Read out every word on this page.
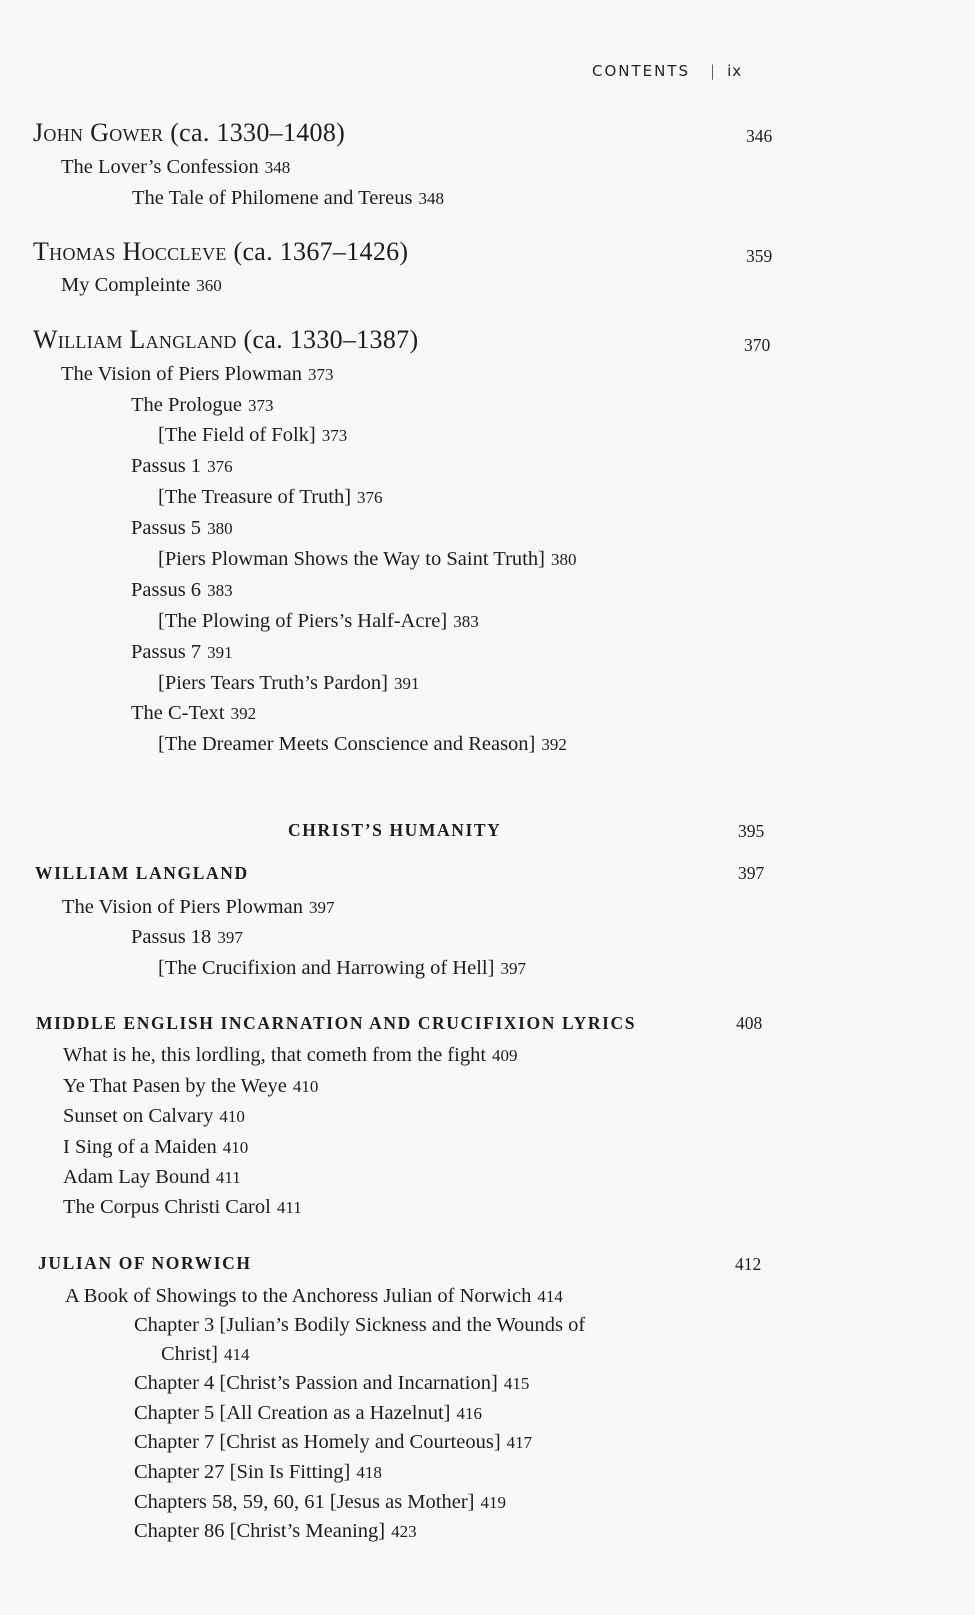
CONTENTS | ix
John Gower (ca. 1330–1408)	346
The Lover’s Confession 348
The Tale of Philomene and Tereus 348
Thomas Hoccleve (ca. 1367–1426)	359
My Compleinte 360
William Langland (ca. 1330–1387)	370
The Vision of Piers Plowman 373
The Prologue 373
[The Field of Folk] 373
Passus 1 376
[The Treasure of Truth] 376
Passus 5 380
[Piers Plowman Shows the Way to Saint Truth] 380
Passus 6 383
[The Plowing of Piers’s Half-Acre] 383
Passus 7 391
[Piers Tears Truth’s Pardon] 391
The C-Text 392
[The Dreamer Meets Conscience and Reason] 392
CHRIST’S HUMANITY	395
WILLIAM LANGLAND	397
The Vision of Piers Plowman 397
Passus 18 397
[The Crucifixion and Harrowing of Hell] 397
MIDDLE ENGLISH INCARNATION AND CRUCIFIXION LYRICS	408
What is he, this lordling, that cometh from the fight 409
Ye That Pasen by the Weye 410
Sunset on Calvary 410
I Sing of a Maiden 410
Adam Lay Bound 411
The Corpus Christi Carol 411
JULIAN OF NORWICH	412
A Book of Showings to the Anchoress Julian of Norwich 414
Chapter 3 [Julian’s Bodily Sickness and the Wounds of
Christ] 414
Chapter 4 [Christ’s Passion and Incarnation] 415
Chapter 5 [All Creation as a Hazelnut] 416
Chapter 7 [Christ as Homely and Courteous] 417
Chapter 27 [Sin Is Fitting] 418
Chapters 58, 59, 60, 61 [Jesus as Mother] 419
Chapter 86 [Christ’s Meaning] 423
